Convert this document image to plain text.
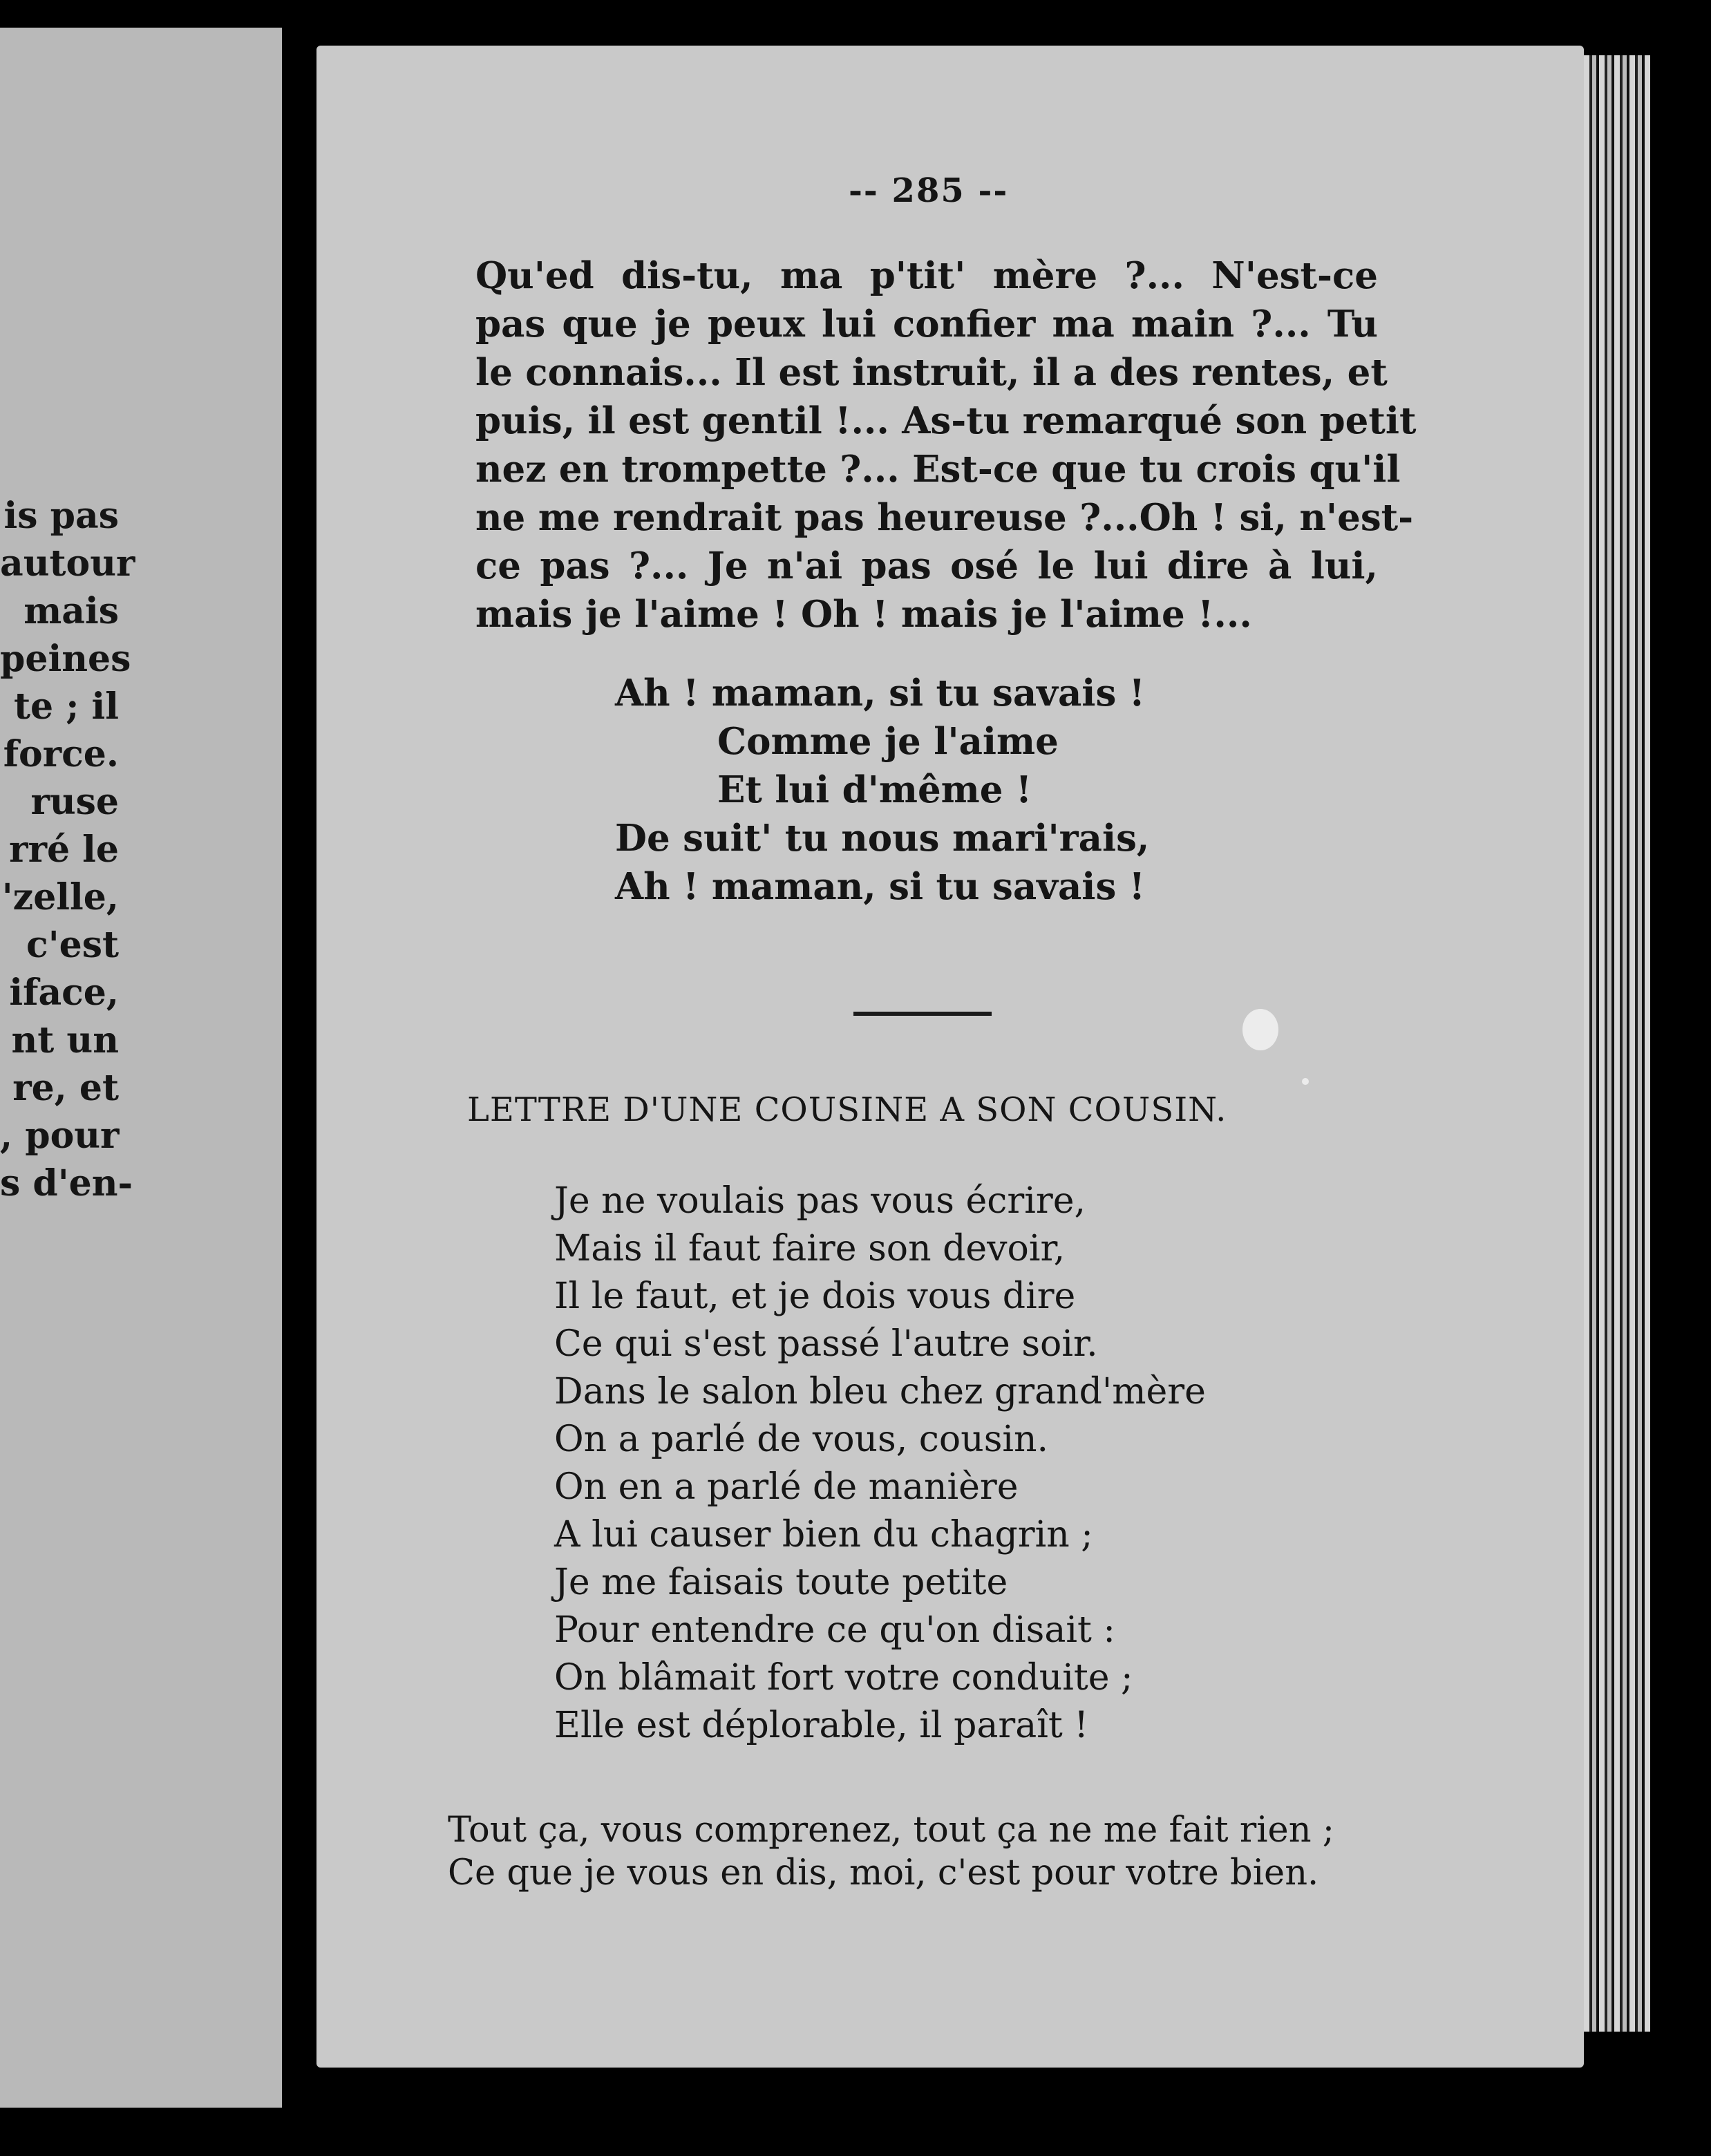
is pas
autour
mais
peines
te ; il
force.
ruse
rré le
'zelle,
c'est
iface,
nt un
re, et
, pour
s d'en-
-- 285 --
Qu'ed dis-tu, ma p'tit' mère ?... N'est-ce
pas que je peux lui confier ma main ?... Tu
le connais... Il est instruit, il a des rentes, et
puis, il est gentil !... As-tu remarqué son petit
nez en trompette ?... Est-ce que tu crois qu'il
ne me rendrait pas heureuse ?...Oh ! si, n'est-
ce pas ?... Je n'ai pas osé le lui dire à lui,
mais je l'aime ! Oh ! mais je l'aime !...
Ah ! maman, si tu savais !
Comme je l'aime
Et lui d'même !
De suit' tu nous mari'rais,
Ah ! maman, si tu savais !
LETTRE D'UNE COUSINE A SON COUSIN.
Je ne voulais pas vous écrire,
Mais il faut faire son devoir,
Il le faut, et je dois vous dire
Ce qui s'est passé l'autre soir.
Dans le salon bleu chez grand'mère
On a parlé de vous, cousin.
On en a parlé de manière
A lui causer bien du chagrin ;
Je me faisais toute petite
Pour entendre ce qu'on disait :
On blâmait fort votre conduite ;
Elle est déplorable, il paraît !
Tout ça, vous comprenez, tout ça ne me fait rien ;
Ce que je vous en dis, moi, c'est pour votre bien.
